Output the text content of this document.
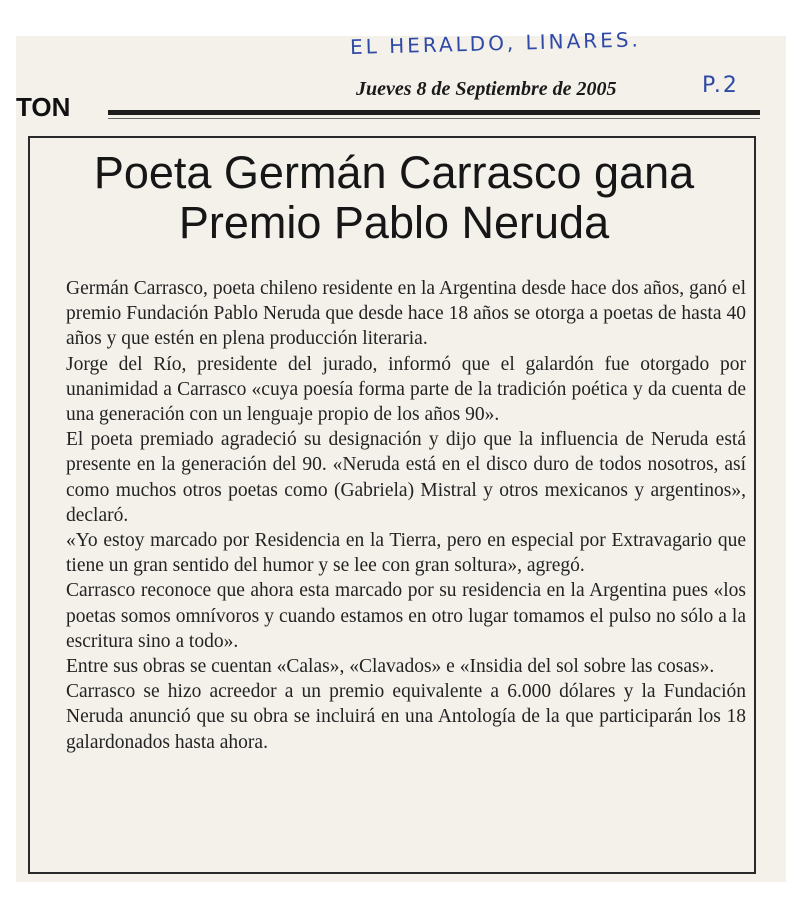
EL HERALDO, LINARES.
TON
Jueves 8 de Septiembre de 2005	P.2
Poeta Germán Carrasco gana Premio Pablo Neruda

Germán Carrasco, poeta chileno residente en la Argentina desde hace dos años, ganó el premio Fundación Pablo Neruda que desde hace 18 años se otorga a poetas de hasta 40 años y que estén en plena producción literaria.

Jorge del Río, presidente del jurado, informó que el galardón fue otorgado por unanimidad a Carrasco «cuya poesía forma parte de la tradición poética y da cuenta de una generación con un lenguaje propio de los años 90».

El poeta premiado agradeció su designación y dijo que la influencia de Neruda está presente en la generación del 90. «Neruda está en el disco duro de todos nosotros, así como muchos otros poetas como (Gabriela) Mistral y otros mexicanos y argentinos», declaró.

«Yo estoy marcado por Residencia en la Tierra, pero en especial por Extravagario que tiene un gran sentido del humor y se lee con gran soltura», agregó.

Carrasco reconoce que ahora esta marcado por su residencia en la Argentina pues «los poetas somos omnívoros y cuando estamos en otro lugar tomamos el pulso no sólo a la escritura sino a todo».

Entre sus obras se cuentan «Calas», «Clavados» e «Insidia del sol sobre las cosas».

Carrasco se hizo acreedor a un premio equivalente a 6.000 dólares y la Fundación Neruda anunció que su obra se incluirá en una Antología de la que participarán los 18 galardonados hasta ahora.
